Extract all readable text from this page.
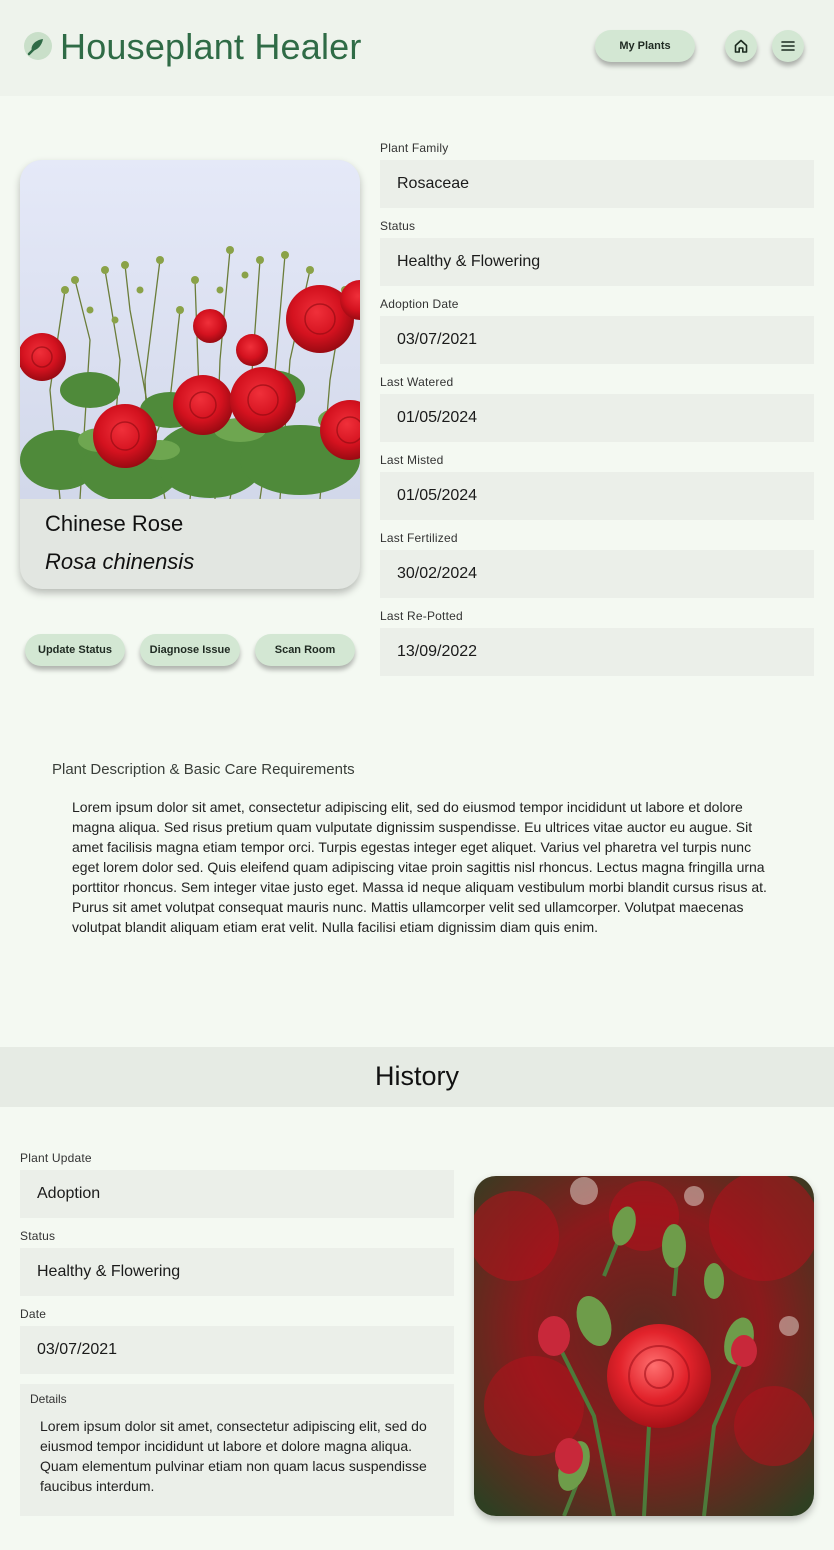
Houseplant Healer	My Plants
Chinese Rose
Rosa chinensis
Update Status	Diagnose Issue	Scan Room
Plant Family
Rosaceae
Status
Healthy & Flowering
Adoption Date
03/07/2021
Last Watered
01/05/2024
Last Misted
01/05/2024
Last Fertilized
30/02/2024
Last Re-Potted
13/09/2022
Plant Description & Basic Care Requirements
Lorem ipsum dolor sit amet, consectetur adipiscing elit, sed do eiusmod tempor incididunt ut labore et dolore magna aliqua. Sed risus pretium quam vulputate dignissim suspendisse. Eu ultrices vitae auctor eu augue. Sit amet facilisis magna etiam tempor orci. Turpis egestas integer eget aliquet. Varius vel pharetra vel turpis nunc eget lorem dolor sed. Quis eleifend quam adipiscing vitae proin sagittis nisl rhoncus. Lectus magna fringilla urna porttitor rhoncus. Sem integer vitae justo eget. Massa id neque aliquam vestibulum morbi blandit cursus risus at. Purus sit amet volutpat consequat mauris nunc. Mattis ullamcorper velit sed ullamcorper. Volutpat maecenas volutpat blandit aliquam etiam erat velit. Nulla facilisi etiam dignissim diam quis enim.
History
Plant Update
Adoption
Status
Healthy & Flowering
Date
03/07/2021
Details
Lorem ipsum dolor sit amet, consectetur adipiscing elit, sed do eiusmod tempor incididunt ut labore et dolore magna aliqua. Quam elementum pulvinar etiam non quam lacus suspendisse faucibus interdum.
